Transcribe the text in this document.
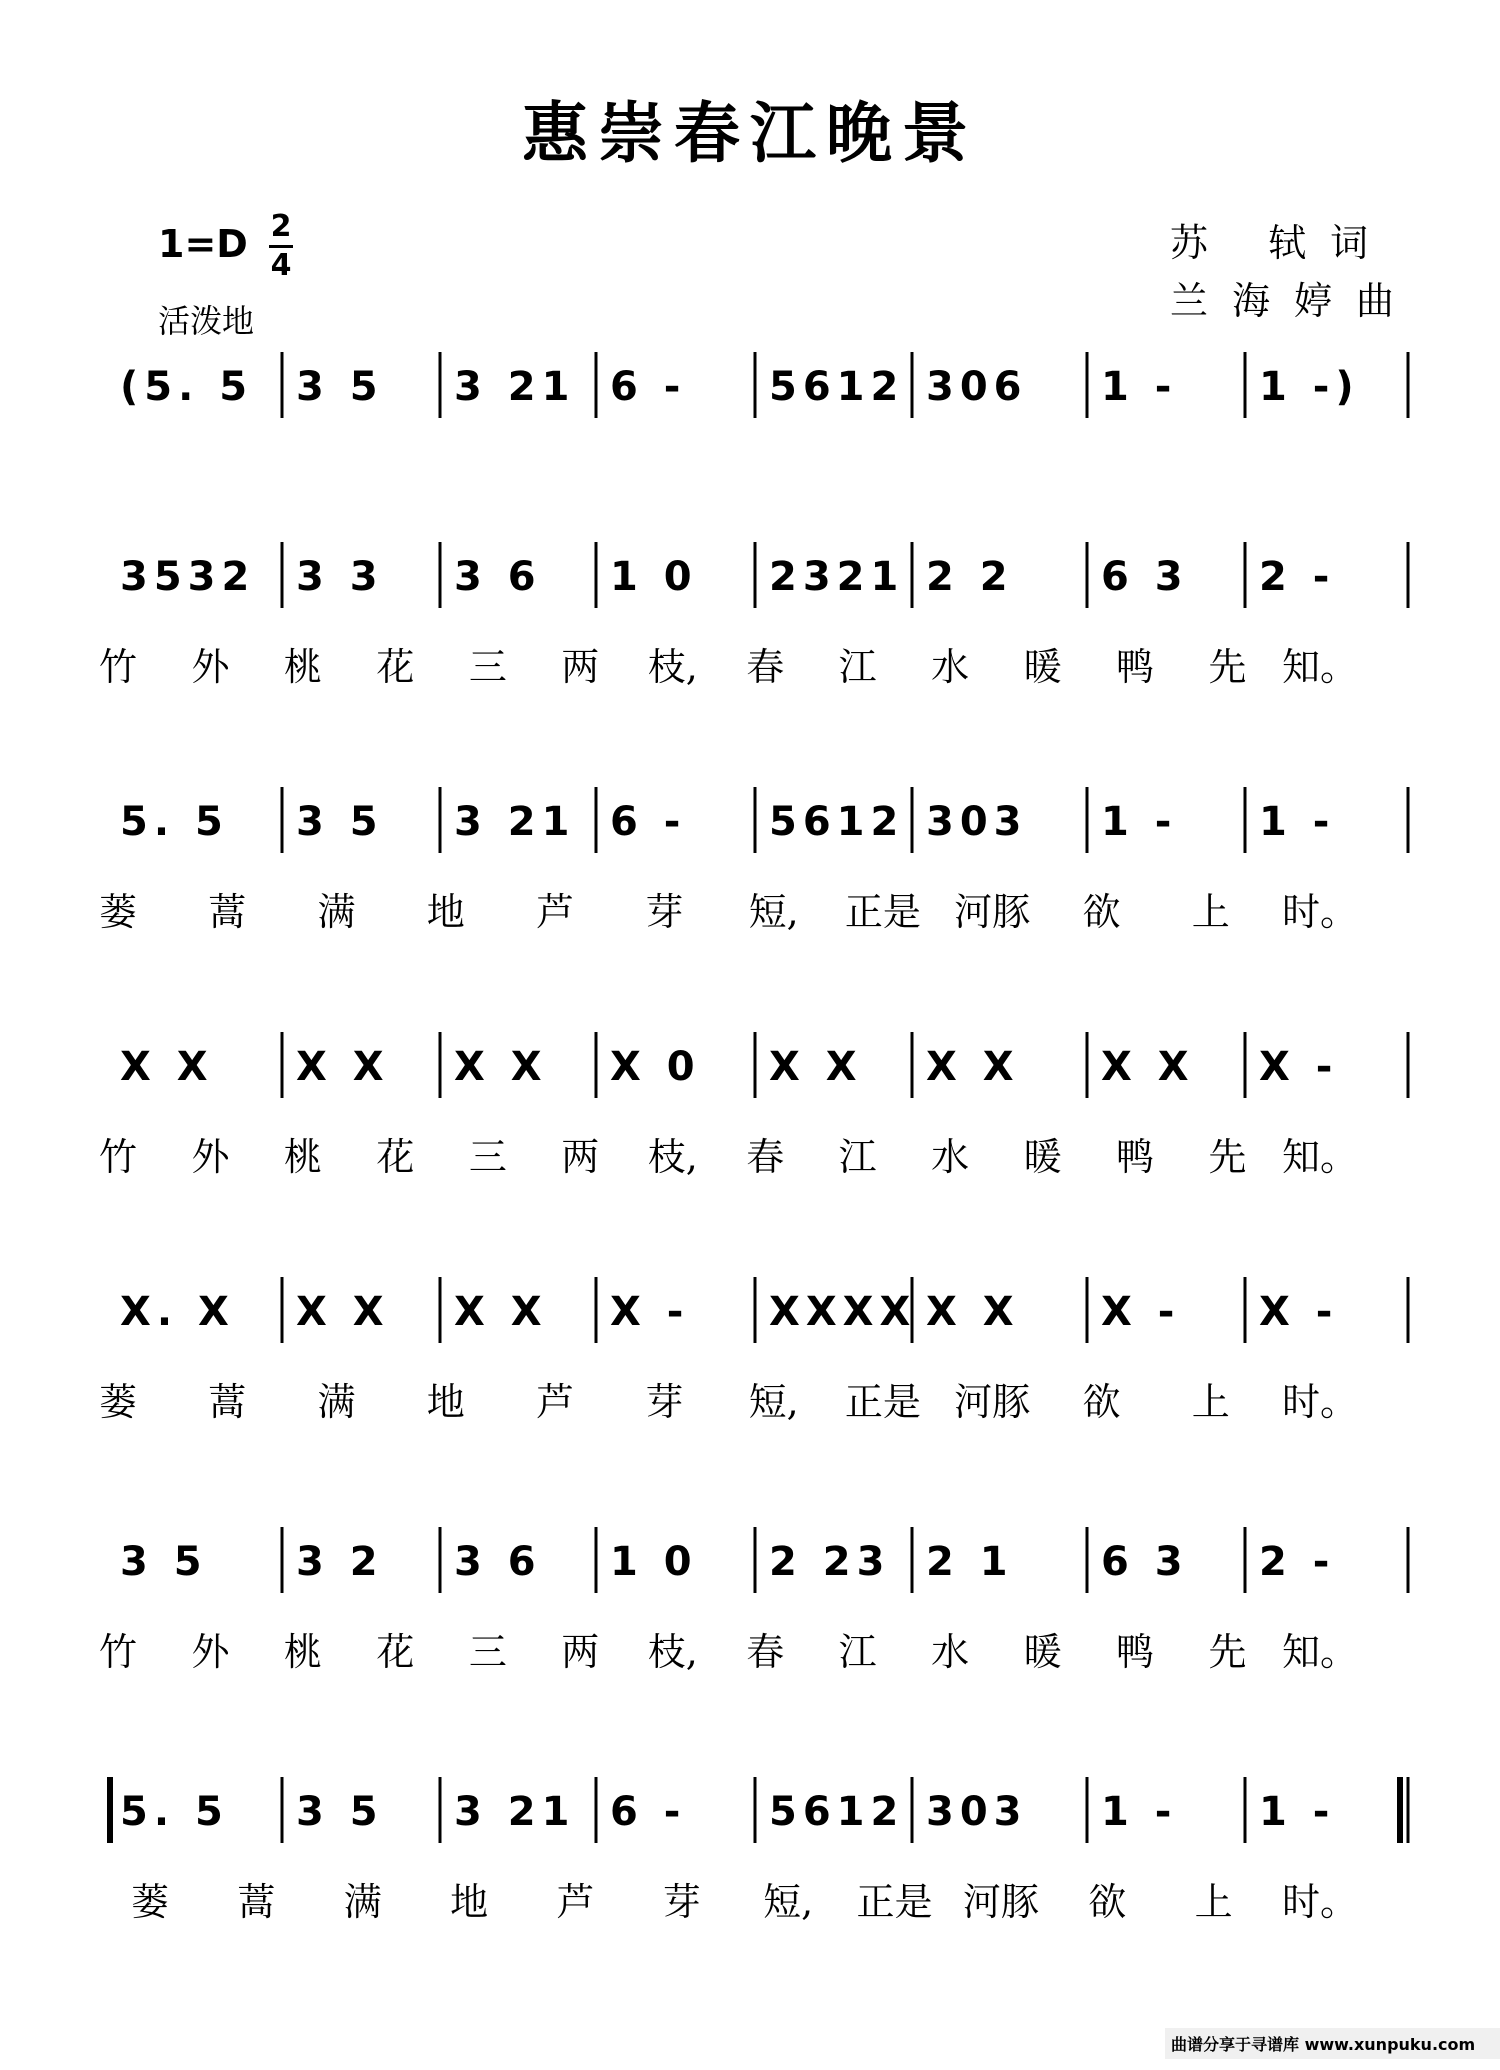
惠崇春江晚景
1=D 2
4
活泼地
苏 轼词
兰海婷曲
(5. 5 3 5 3 21 6 - 5612 306 1 - 1 -)
3532 3 3 3 6 1 0 2321 2 2 6 3 2 -
竹 外 桃 花 三 两 枝, 春 江 水 暖 鸭 先 知。
5. 5 3 5 3 21 6 - 5612 303 1 - 1 -
蒌 蒿 满 地 芦 芽 短, 正是 河豚 欲 上 时。
X X X X X X X 0 X X X X X X X -
竹 外 桃 花 三 两 枝, 春 江 水 暖 鸭 先 知。
X. X X X X X X - XXXX X X X - X -
蒌 蒿 满 地 芦 芽 短, 正是 河豚 欲 上 时。
3 5 3 2 3 6 1 0 2 23 2 1 6 3 2 -
竹 外 桃 花 三 两 枝, 春 江 水 暖 鸭 先 知。
5. 5 3 5 3 21 6 - 5612 303 1 - 1 -
蒌 蒿 满 地 芦 芽 短, 正是 河豚 欲 上 时。
曲谱分享于寻谱库 www.xunpuku.com
